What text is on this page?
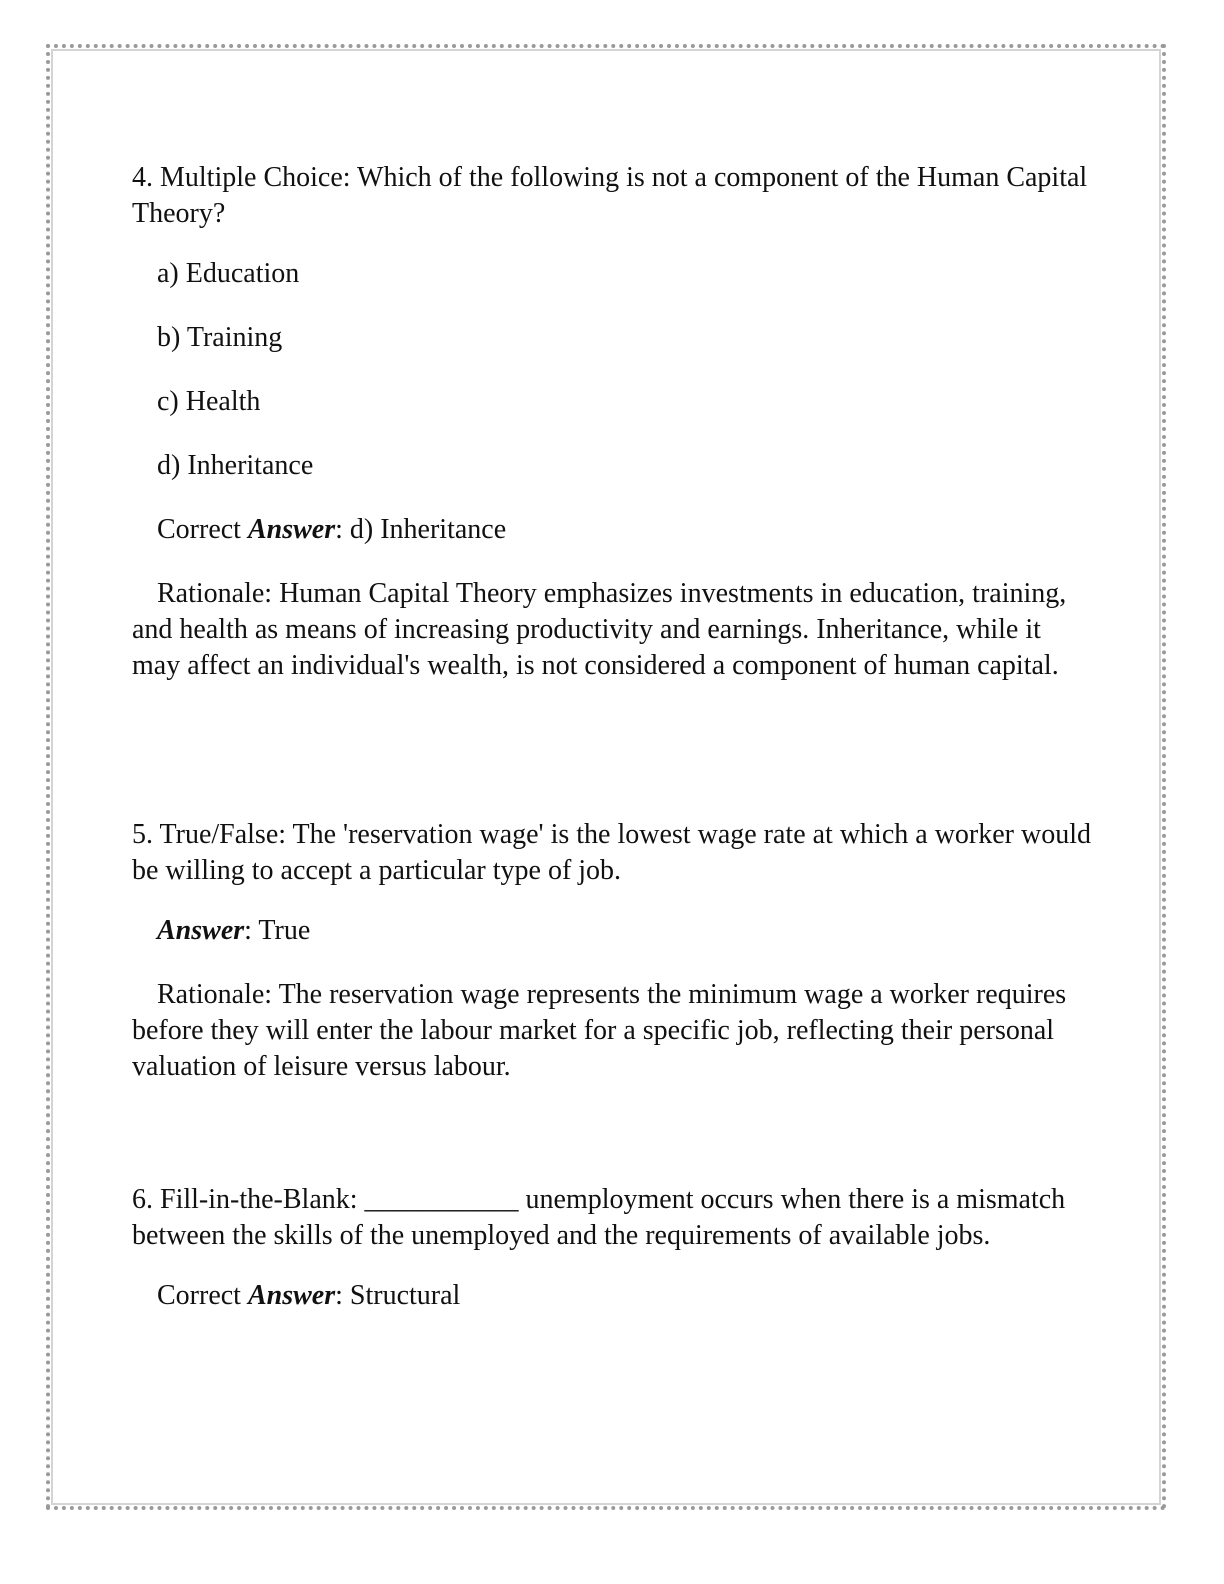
4. Multiple Choice: Which of the following is not a component of the Human Capital Theory?

a) Education

b) Training

c) Health

d) Inheritance

Correct Answer: d) Inheritance

Rationale: Human Capital Theory emphasizes investments in education, training, and health as means of increasing productivity and earnings. Inheritance, while it may affect an individual's wealth, is not considered a component of human capital.

5. True/False: The 'reservation wage' is the lowest wage rate at which a worker would be willing to accept a particular type of job.

Answer: True

Rationale: The reservation wage represents the minimum wage a worker requires before they will enter the labour market for a specific job, reflecting their personal valuation of leisure versus labour.

6. Fill-in-the-Blank: ___________ unemployment occurs when there is a mismatch between the skills of the unemployed and the requirements of available jobs.

Correct Answer: Structural
